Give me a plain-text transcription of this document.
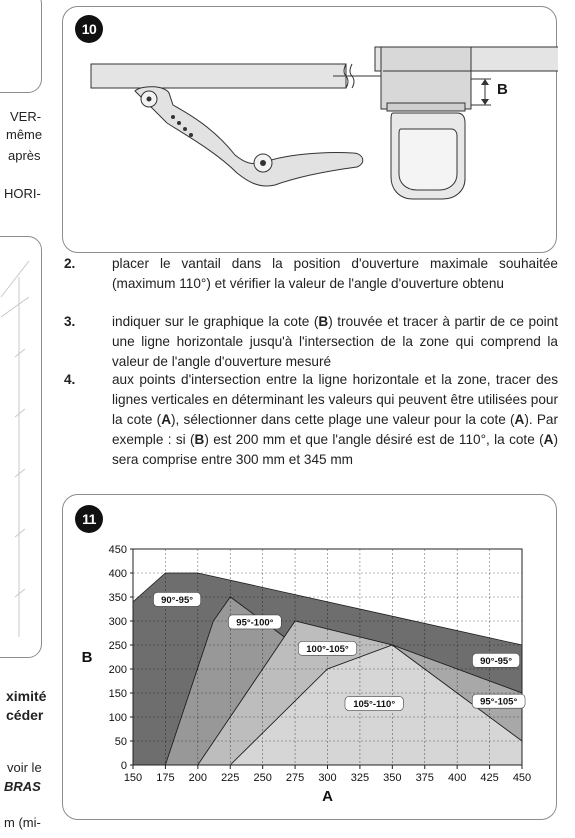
VER-
même
après
HORI-
ximité
céder
voir le
BRAS
m (mi-
10
B
2.	placer le vantail dans la position d'ouverture maximale souhaitée (maximum 110°) et vérifier la valeur de l'angle d'ouverture obtenu
3.	indiquer sur le graphique la cote (B) trouvée et tracer à partir de ce point une ligne horizontale jusqu'à l'intersection de la zone qui comprend la valeur de l'angle d'ouverture mesuré
4.	aux points d'intersection entre la ligne horizontale et la zone, tracer des lignes verticales en déterminant les valeurs qui peuvent être utilisées pour la cote (A), sélectionner dans cette plage une valeur pour la cote (A). Par exemple : si (B) est 200 mm et que l'angle désiré est de 110°, la cote (A) sera comprise entre 300 mm et 345 mm
11
150 175 200 225 250 275 300 325 350 375 400 425 450
0
50
100
150
200
250
300
350
400
450
A
B
90°-95°
95°-100°
100°-105°
90°-95°
105°-110°	95°-105°
